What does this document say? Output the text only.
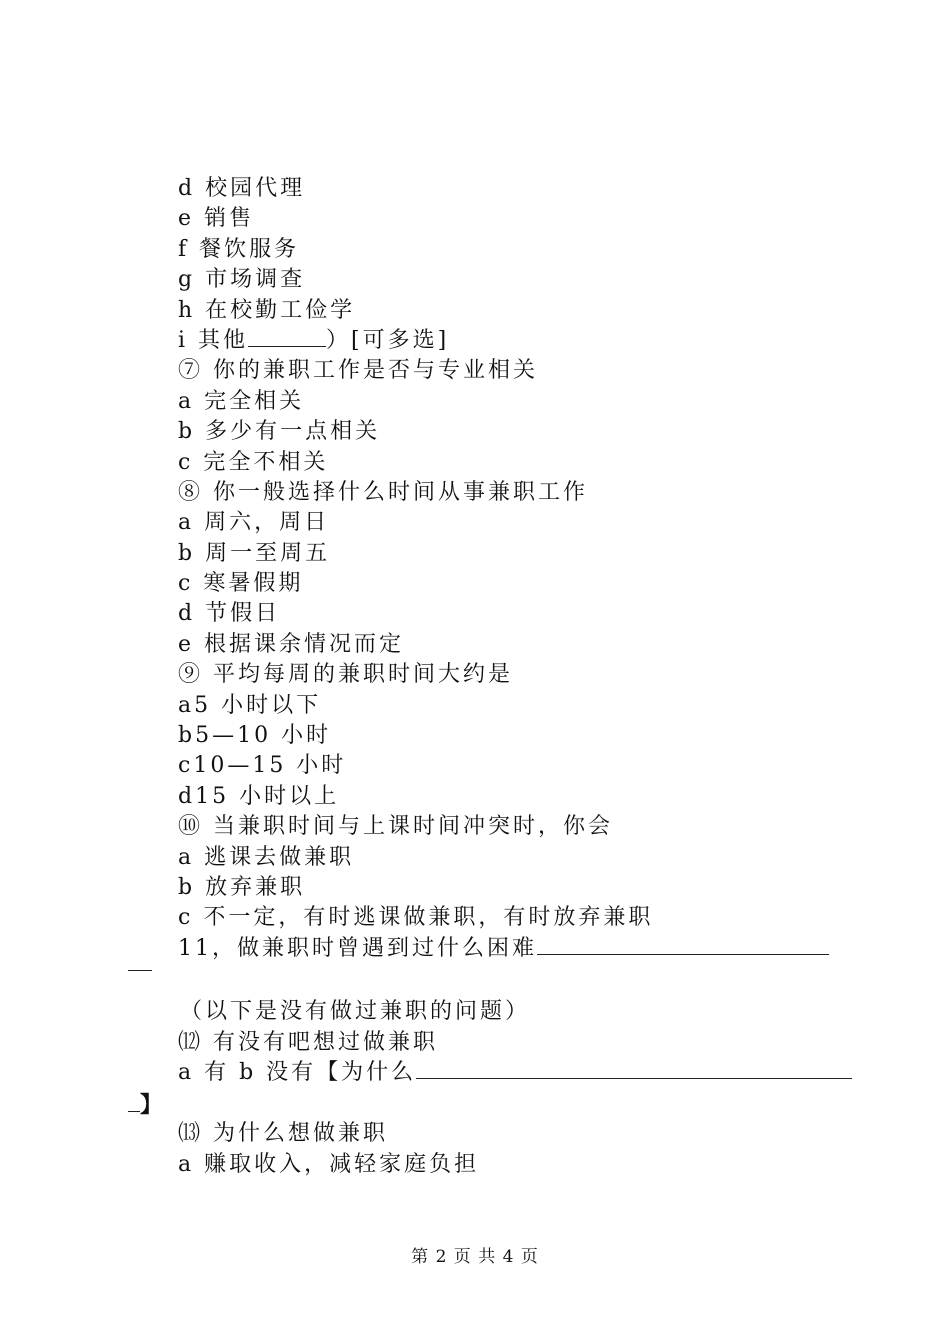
d 校园代理
e 销售
f 餐饮服务
g 市场调查
h 在校勤工俭学
i 其他	）[可多选]
⑦ 你的兼职工作是否与专业相关
a 完全相关
b 多少有一点相关
c 完全不相关
⑧ 你一般选择什么时间从事兼职工作
a 周六，周日
b 周一至周五
c 寒暑假期
d 节假日
e 根据课余情况而定
⑨ 平均每周的兼职时间大约是
a5 小时以下
b5—10 小时
c10—15 小时
d15 小时以上
⑩ 当兼职时间与上课时间冲突时，你会
a 逃课去做兼职
b 放弃兼职
c 不一定，有时逃课做兼职，有时放弃兼职
11，做兼职时曾遇到过什么困难
（以下是没有做过兼职的问题）
⑿ 有没有吧想过做兼职
a 有 b 没有【为什么
】
⒀ 为什么想做兼职
a 赚取收入，减轻家庭负担
第 2 页 共 4 页
